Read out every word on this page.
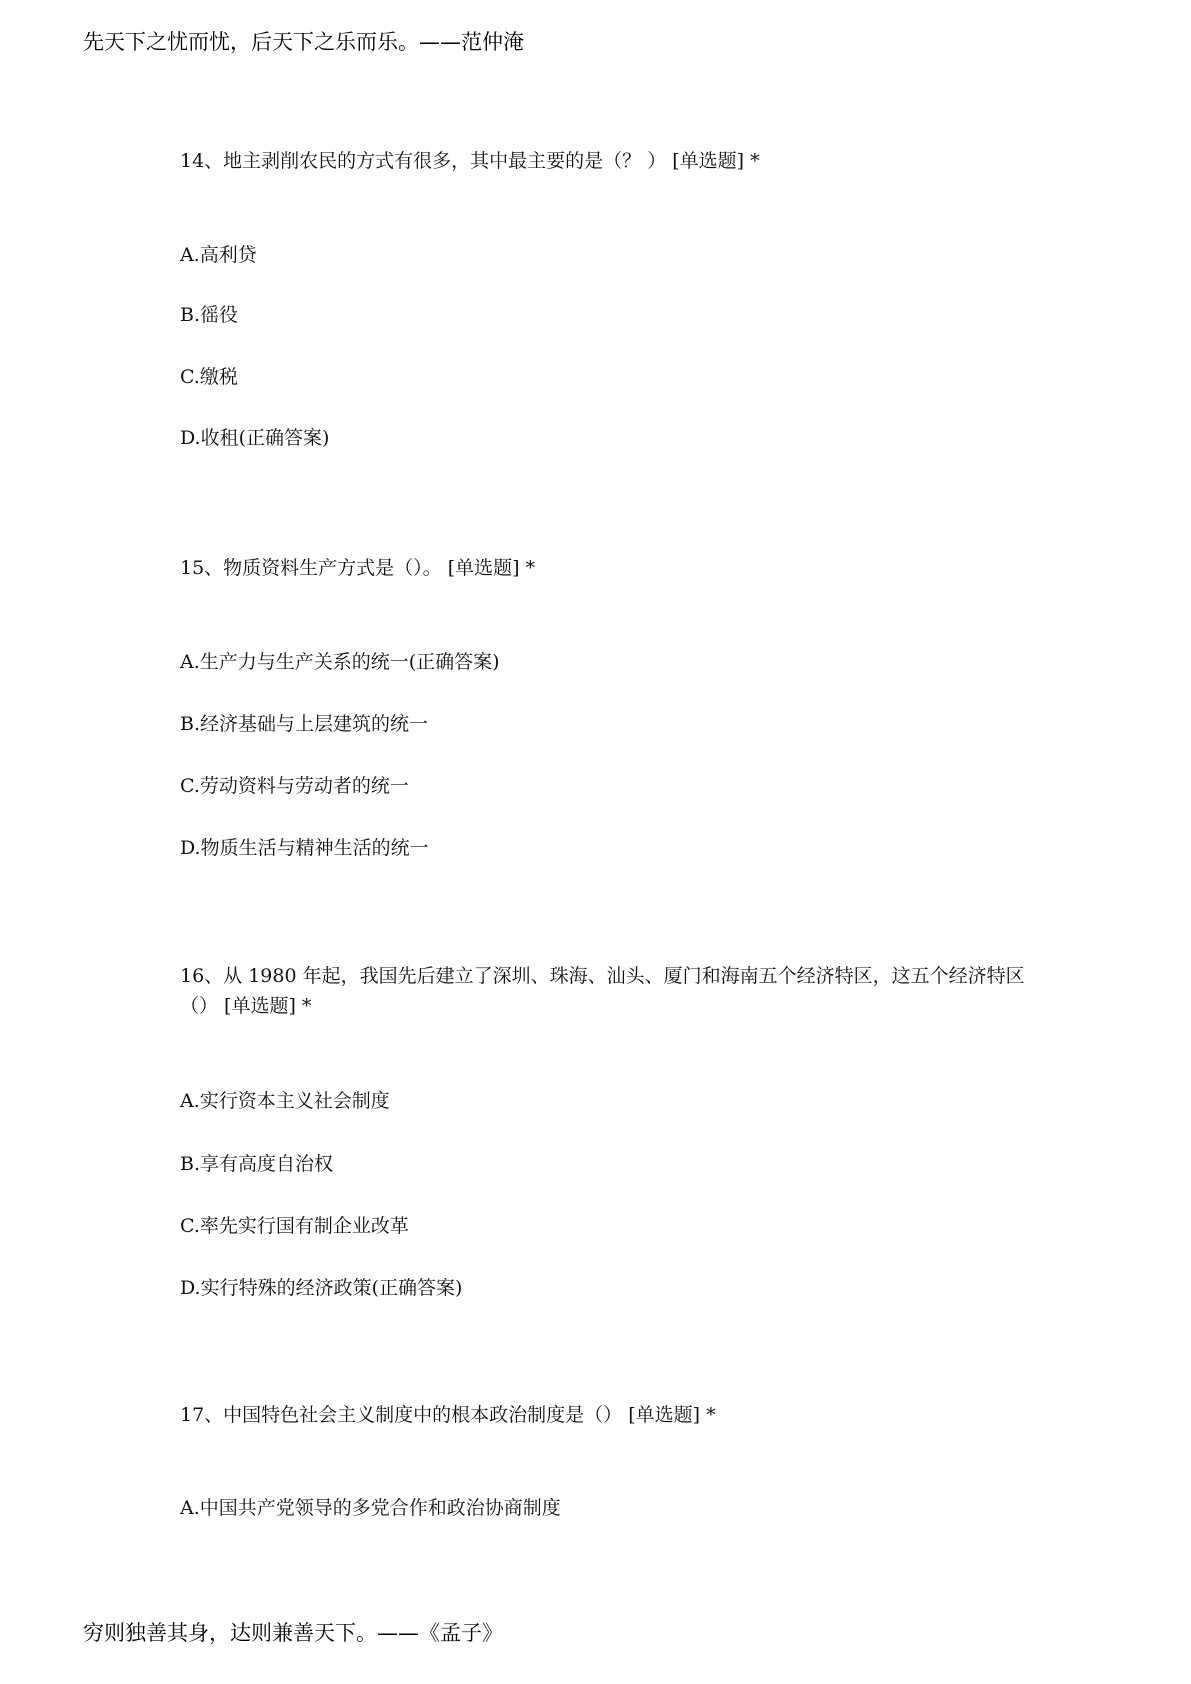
先天下之忧而忧，后天下之乐而乐。——范仲淹

14、地主剥削农民的方式有很多，其中最主要的是（？ ） [单选题] *

A.高利贷
B.徭役
C.缴税
D.收租(正确答案)

15、物质资料生产方式是（）。 [单选题] *

A.生产力与生产关系的统一(正确答案)
B.经济基础与上层建筑的统一
C.劳动资料与劳动者的统一
D.物质生活与精神生活的统一

16、从 1980 年起，我国先后建立了深圳、珠海、汕头、厦门和海南五个经济特区，这五个经济特区（） [单选题] *

A.实行资本主义社会制度
B.享有高度自治权
C.率先实行国有制企业改革
D.实行特殊的经济政策(正确答案)

17、中国特色社会主义制度中的根本政治制度是（） [单选题] *

A.中国共产党领导的多党合作和政治协商制度
穷则独善其身，达则兼善天下。——《孟子》
